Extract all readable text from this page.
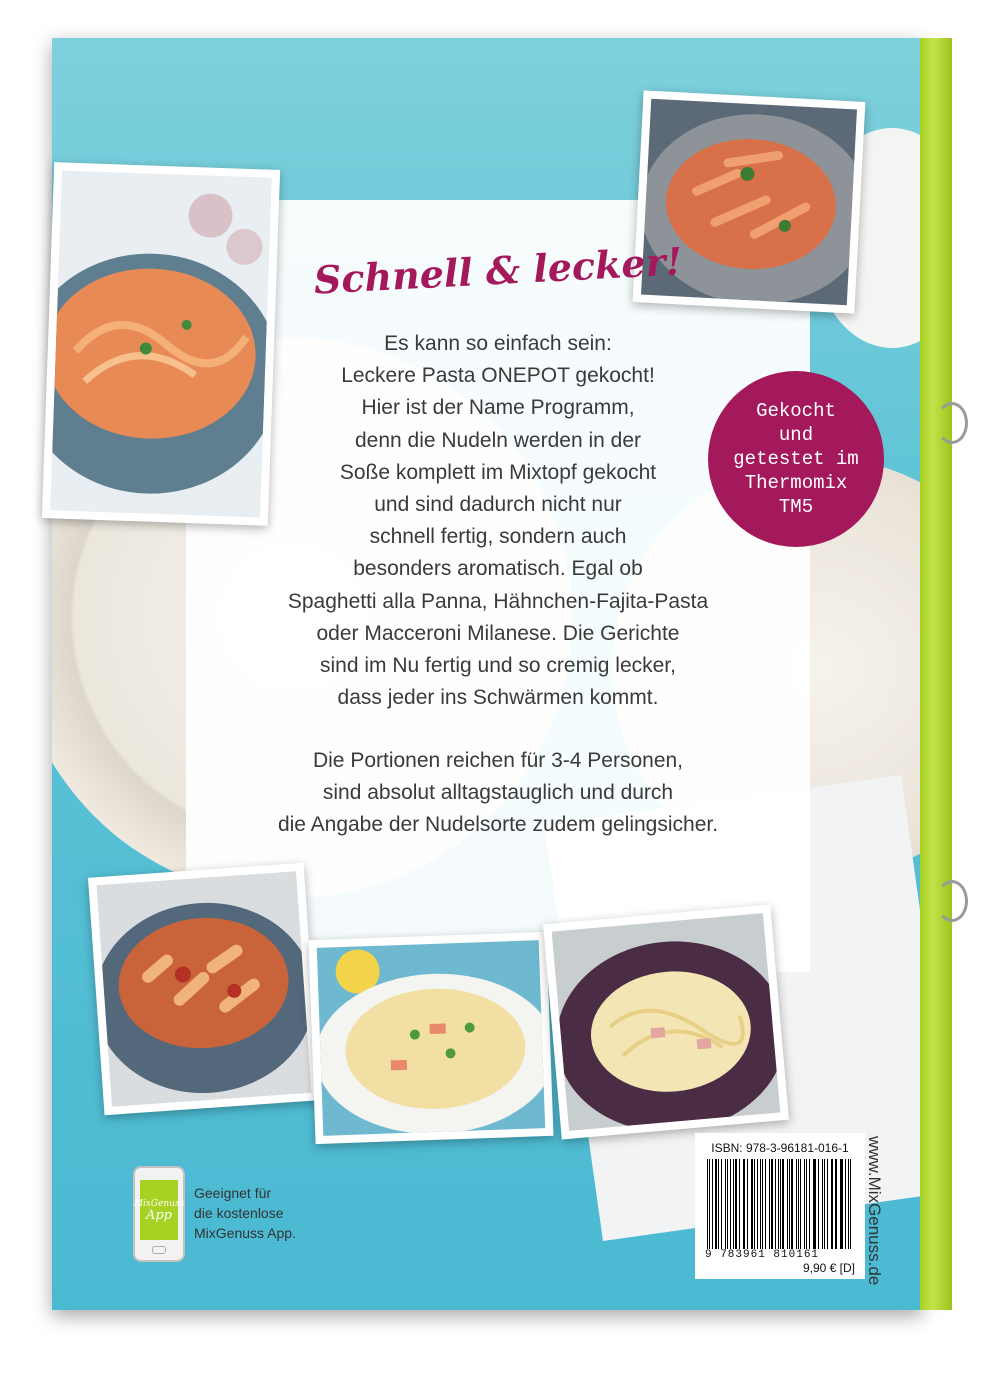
Schnell & lecker!
Es kann so einfach sein:
Leckere Pasta ONEPOT gekocht!
Hier ist der Name Programm,
denn die Nudeln werden in der
Soße komplett im Mixtopf gekocht
und sind dadurch nicht nur
schnell fertig, sondern auch
besonders aromatisch. Egal ob
Spaghetti alla Panna, Hähnchen-Fajita-Pasta
oder Macceroni Milanese. Die Gerichte
sind im Nu fertig und so cremig lecker,
dass jeder ins Schwärmen kommt.
Die Portionen reichen für 3-4 Personen,
sind absolut alltagstauglich und durch
die Angabe der Nudelsorte zudem gelingsicher.
Gekocht
und
getestet im
Thermomix
TM5
ISBN: 978-3-96181-016-1
9 783961 810161
9,90 € [D] www.MixGenuss.de
MixGenuss
App
Geeignet für
die kostenlose
MixGenuss App.
